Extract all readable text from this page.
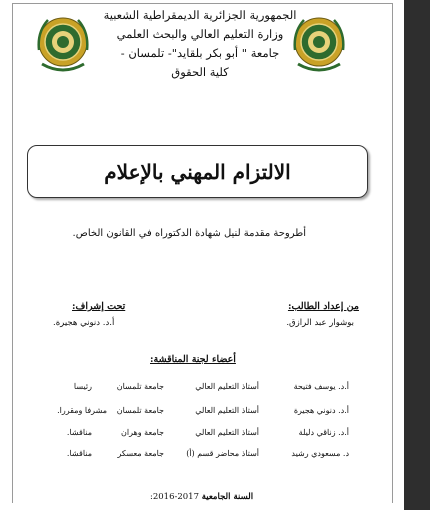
الجمهورية الجزائرية الديمقراطية الشعبية
وزارة التعليم العالي والبحث العلمي
جامعة " أبو بكر بلقايد"- تلمسان -
كلية الحقوق
الالتزام المهني بالإعلام
أطروحة مقدمة لنيل شهادة الدكتوراه في القانون الخاص.
من إعداد الطالب:
بوشوار عبد الرازق.
تحت إشراف:
أ.د. دنوني هجيرة.
أعضاء لجنة المناقشة:
أ.د. يوسف فتيحة
أستاذ التعليم العالي
جامعة تلمسان
رئيسا
أ.د. دنوني هجيرة
أستاذ التعليم العالي
جامعة تلمسان
مشرفا ومقررا.
أ.د. زناقي دليلة
أستاذ التعليم العالي
جامعة وهران
مناقشا.
د. مسعودي رشيد
أستاذ محاضر قسم (أ)
جامعة معسكر
مناقشا.
:2016-2017 السنة الجامعية
